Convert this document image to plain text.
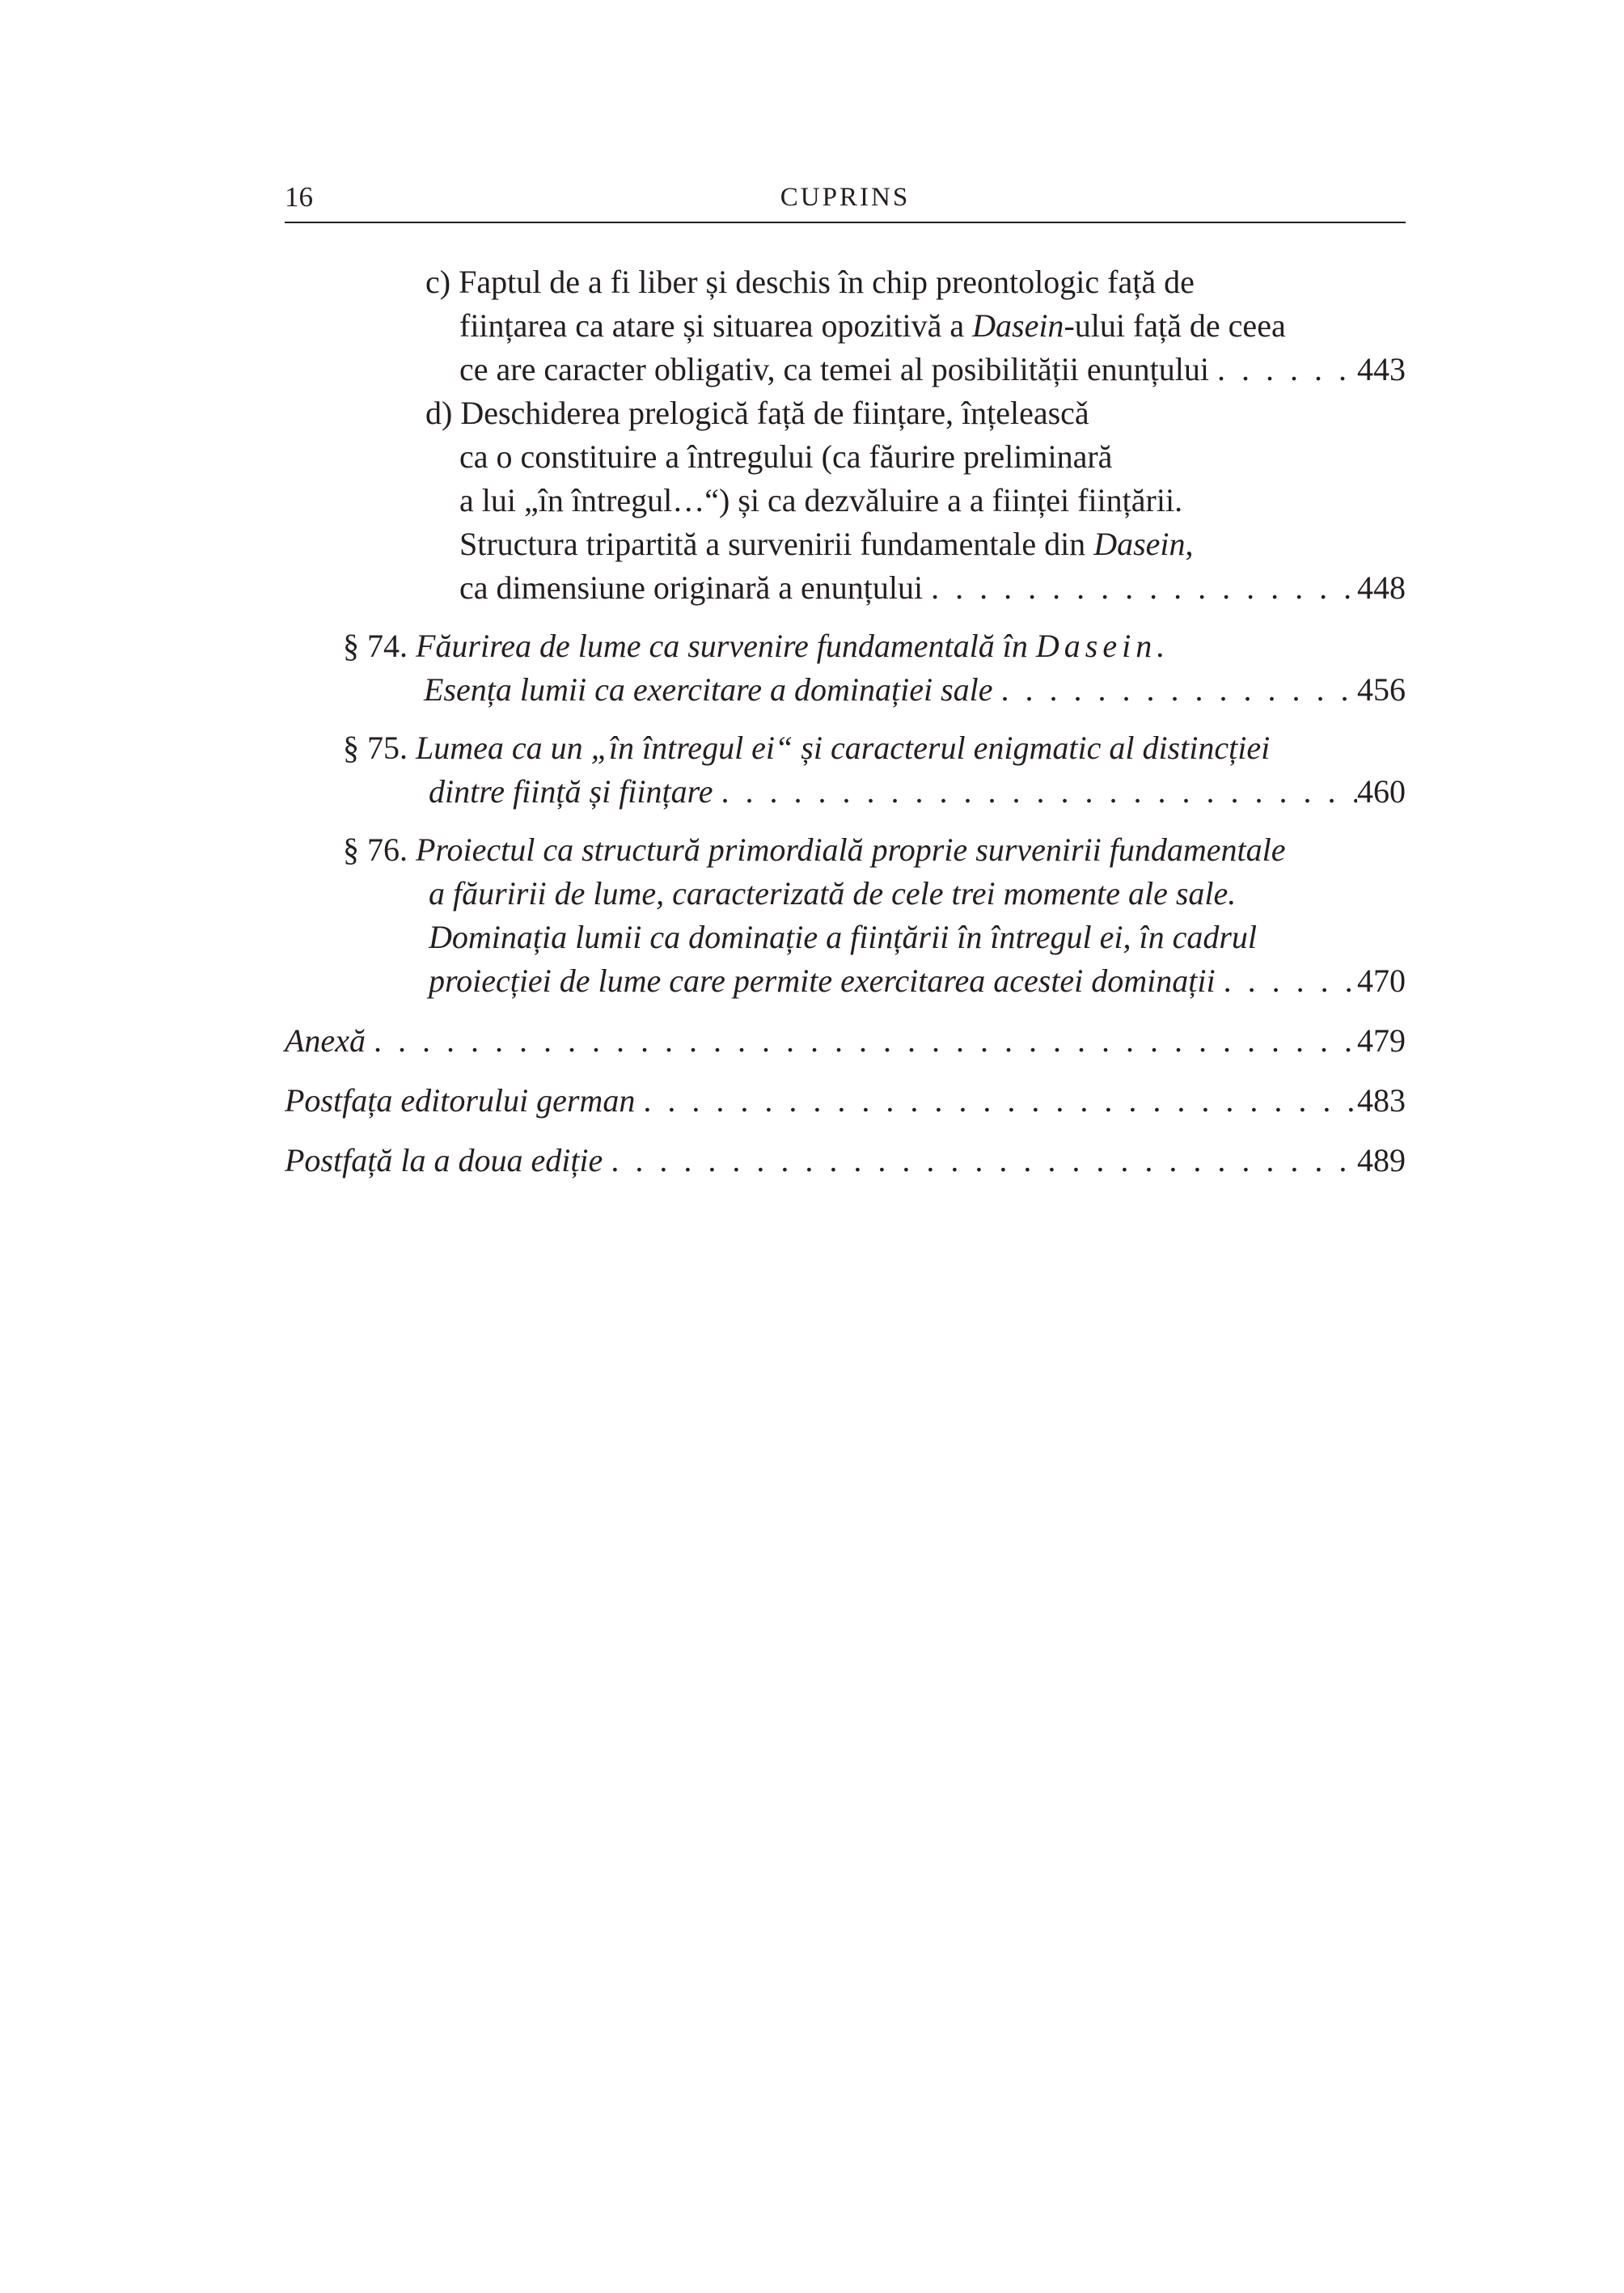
16	CUPRINS
c) Faptul de a fi liber și deschis în chip preontologic față de
ființarea ca atare și situarea opozitivă a Dasein-ului față de ceea
ce are caracter obligativ, ca temei al posibilității enunțului . . .	443
d) Deschiderea prelogică față de ființare, înțeleascǎ
ca o constituire a întregului (ca făurire preliminară
a lui „în întregul…“) și ca dezvăluire a a ființei ființării.
Structura tripartită a survenirii fundamentale din Dasein,
ca dimensiune originară a enunțului . . .	448
§ 74. Făurirea de lume ca survenire fundamentală în Dasein.
Esența lumii ca exercitare a dominației sale . . .	456
§ 75. Lumea ca un „în întregul ei“ și caracterul enigmatic al distincției
dintre ființă și ființare . . .	460
§ 76. Proiectul ca structură primordială proprie survenirii fundamentale
a făuririi de lume, caracterizată de cele trei momente ale sale.
Dominația lumii ca dominație a ființării în întregul ei, în cadrul
proiecției de lume care permite exercitarea acestei dominații . . .	470
Anexă . . .	479
Postfața editorului german . . .	483
Postfață la a doua ediție . . .	489
